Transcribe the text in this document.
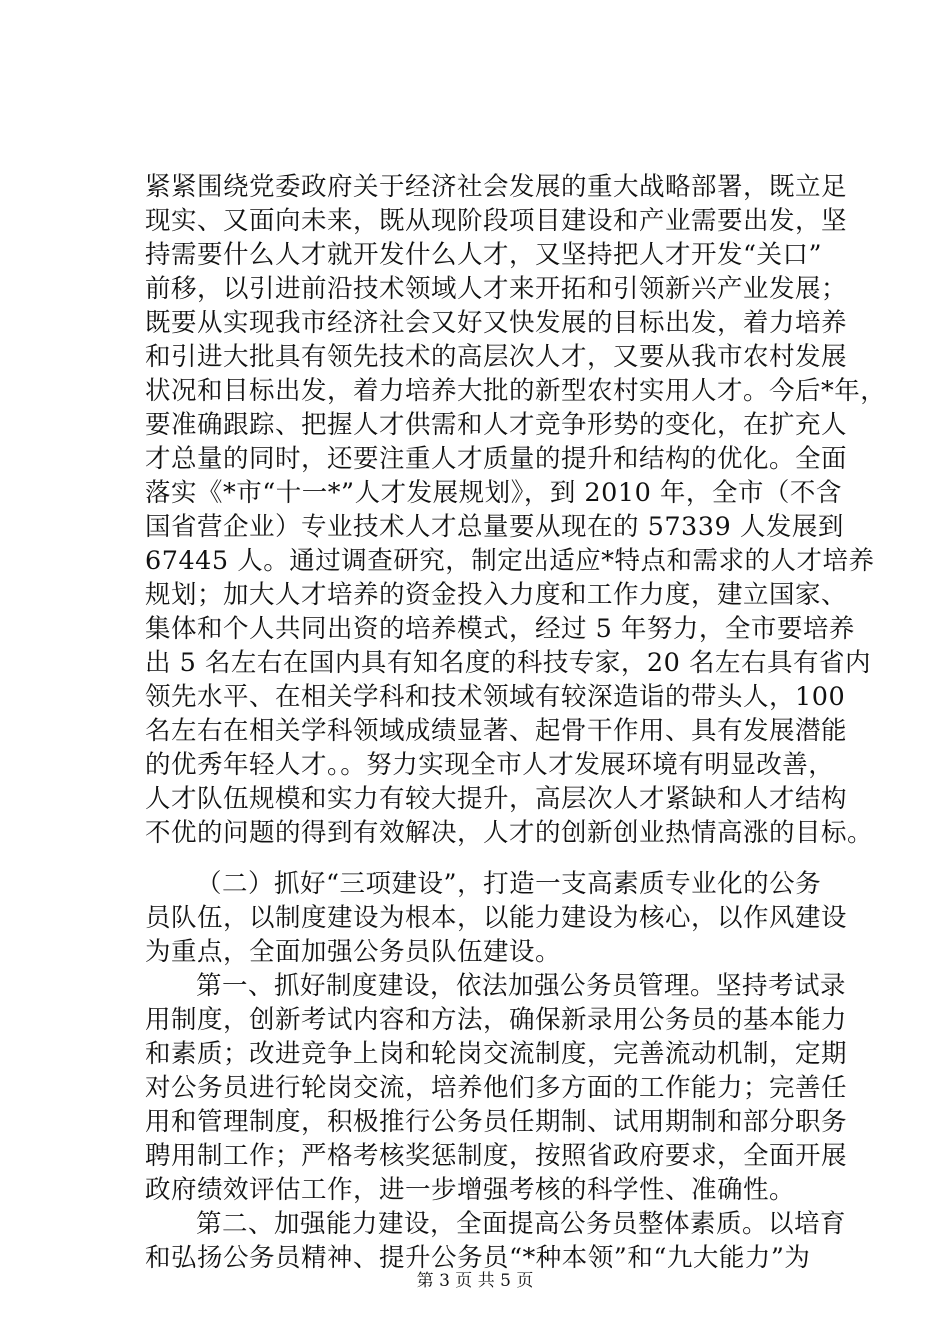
紧紧围绕党委政府关于经济社会发展的重大战略部署，既立足
现实、又面向未来，既从现阶段项目建设和产业需要出发，坚
持需要什么人才就开发什么人才，又坚持把人才开发“关口”
前移，以引进前沿技术领域人才来开拓和引领新兴产业发展；
既要从实现我市经济社会又好又快发展的目标出发，着力培养
和引进大批具有领先技术的高层次人才，又要从我市农村发展
状况和目标出发，着力培养大批的新型农村实用人才。今后*年，
要准确跟踪、把握人才供需和人才竞争形势的变化，在扩充人
才总量的同时，还要注重人才质量的提升和结构的优化。全面
落实《*市“十一*”人才发展规划》，到 2010 年，全市（不含
国省营企业）专业技术人才总量要从现在的 57339 人发展到
67445 人。通过调查研究，制定出适应*特点和需求的人才培养
规划；加大人才培养的资金投入力度和工作力度，建立国家、
集体和个人共同出资的培养模式，经过 5 年努力，全市要培养
出 5 名左右在国内具有知名度的科技专家，20 名左右具有省内
领先水平、在相关学科和技术领域有较深造诣的带头人，100
名左右在相关学科领域成绩显著、起骨干作用、具有发展潜能
的优秀年轻人才。。努力实现全市人才发展环境有明显改善，
人才队伍规模和实力有较大提升，高层次人才紧缺和人才结构
不优的问题的得到有效解决，人才的创新创业热情高涨的目标。
（二）抓好“三项建设”，打造一支高素质专业化的公务
员队伍，以制度建设为根本，以能力建设为核心，以作风建设
为重点，全面加强公务员队伍建设。
第一、抓好制度建设，依法加强公务员管理。坚持考试录
用制度，创新考试内容和方法，确保新录用公务员的基本能力
和素质；改进竞争上岗和轮岗交流制度，完善流动机制，定期
对公务员进行轮岗交流，培养他们多方面的工作能力；完善任
用和管理制度，积极推行公务员任期制、试用期制和部分职务
聘用制工作；严格考核奖惩制度，按照省政府要求，全面开展
政府绩效评估工作，进一步增强考核的科学性、准确性。
第二、加强能力建设，全面提高公务员整体素质。以培育
和弘扬公务员精神、提升公务员“*种本领”和“九大能力”为
第 3 页 共 5 页
